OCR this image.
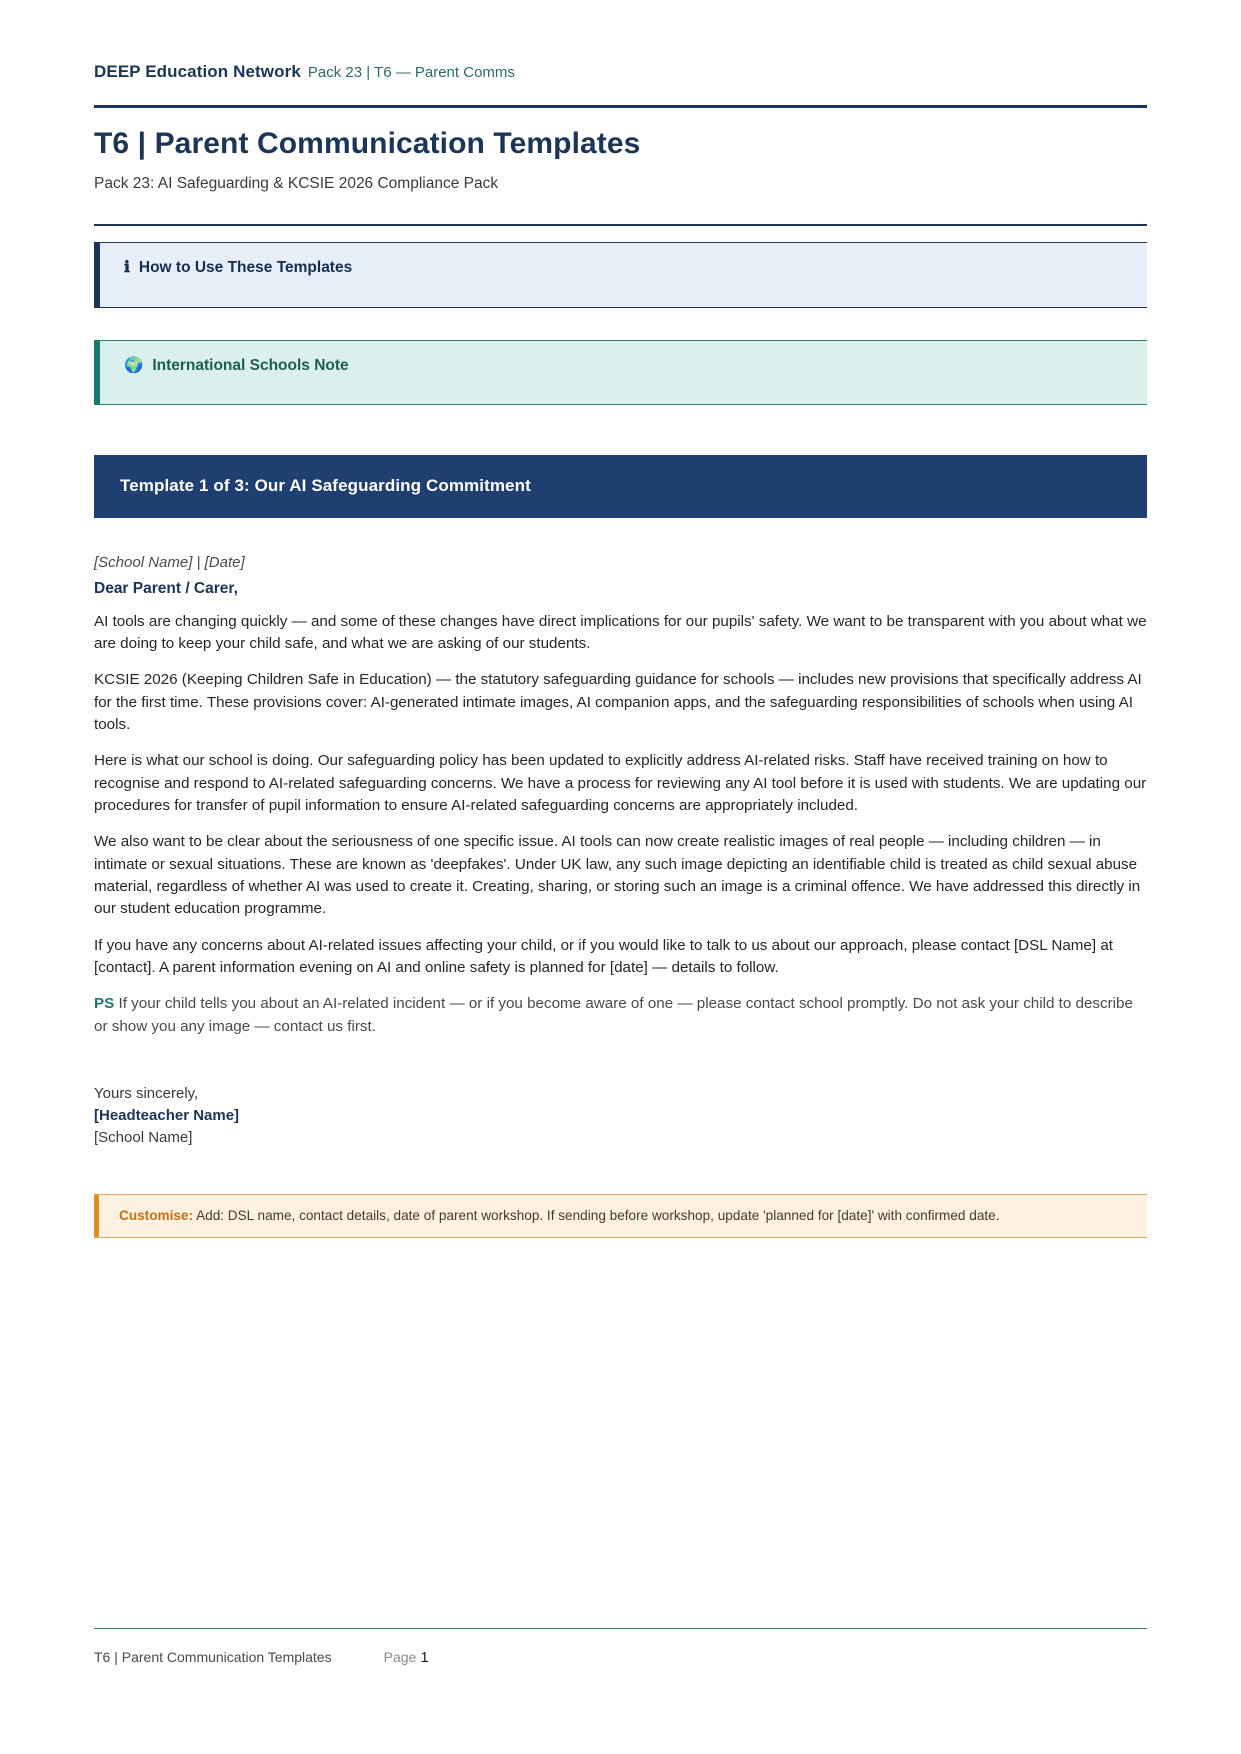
DEEP Education Network Pack 23 | T6 — Parent Comms
T6 | Parent Communication Templates
Pack 23: AI Safeguarding & KCSIE 2026 Compliance Pack
ℹ How to Use These Templates
🌍 International Schools Note
Template 1 of 3: Our AI Safeguarding Commitment
[School Name] | [Date]
Dear Parent / Carer,

AI tools are changing quickly — and some of these changes have direct implications for our pupils' safety. We want to be transparent with you about what we are doing to keep your child safe, and what we are asking of our students.

KCSIE 2026 (Keeping Children Safe in Education) — the statutory safeguarding guidance for schools — includes new provisions that specifically address AI for the first time. These provisions cover: AI-generated intimate images, AI companion apps, and the safeguarding responsibilities of schools when using AI tools.

Here is what our school is doing. Our safeguarding policy has been updated to explicitly address AI-related risks. Staff have received training on how to recognise and respond to AI-related safeguarding concerns. We have a process for reviewing any AI tool before it is used with students. We are updating our procedures for transfer of pupil information to ensure AI-related safeguarding concerns are appropriately included.

We also want to be clear about the seriousness of one specific issue. AI tools can now create realistic images of real people — including children — in intimate or sexual situations. These are known as 'deepfakes'. Under UK law, any such image depicting an identifiable child is treated as child sexual abuse material, regardless of whether AI was used to create it. Creating, sharing, or storing such an image is a criminal offence. We have addressed this directly in our student education programme.

If you have any concerns about AI-related issues affecting your child, or if you would like to talk to us about our approach, please contact [DSL Name] at [contact]. A parent information evening on AI and online safety is planned for [date] — details to follow.

PS If your child tells you about an AI-related incident — or if you become aware of one — please contact school promptly. Do not ask your child to describe or show you any image — contact us first.

Yours sincerely,
[Headteacher Name]
[School Name]
Customise: Add: DSL name, contact details, date of parent workshop. If sending before workshop, update 'planned for [date]' with confirmed date.
T6 | Parent Communication Templates	Page 1
